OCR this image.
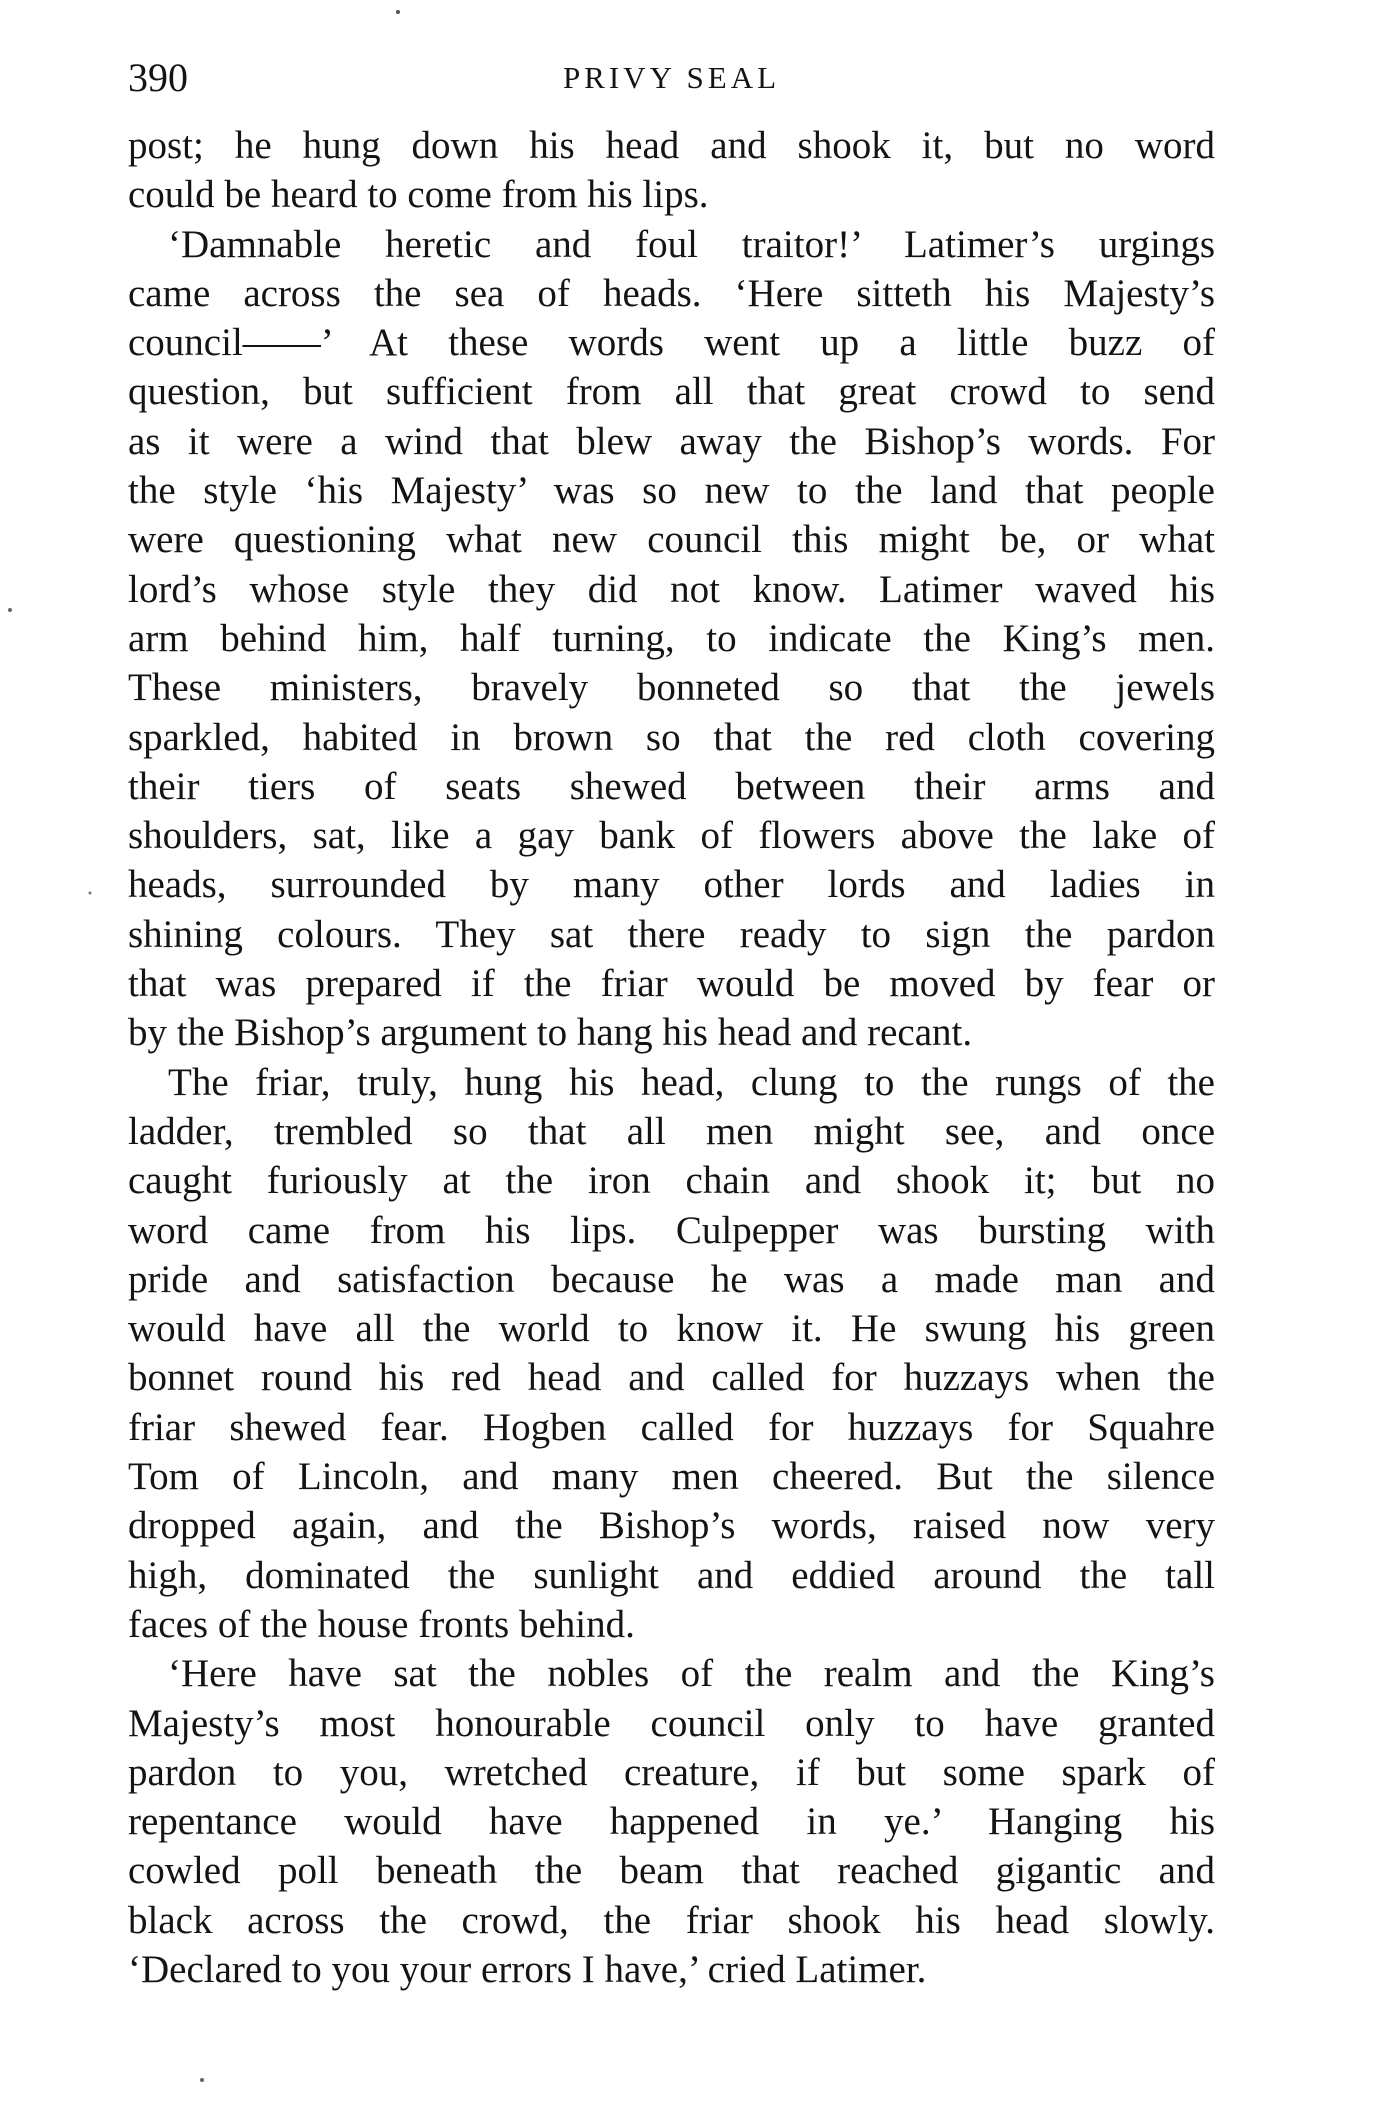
390	PRIVY SEAL

post; he hung down his head and shook it, but no word
could be heard to come from his lips.

‘Damnable heretic and foul traitor!’ Latimer’s urgings
came across the sea of heads. ‘Here sitteth his Majesty’s
council——’ At these words went up a little buzz of
question, but sufficient from all that great crowd to send
as it were a wind that blew away the Bishop’s words. For
the style ‘his Majesty’ was so new to the land that people
were questioning what new council this might be, or what
lord’s whose style they did not know. Latimer waved his
arm behind him, half turning, to indicate the King’s men.
These ministers, bravely bonneted so that the jewels
sparkled, habited in brown so that the red cloth covering
their tiers of seats shewed between their arms and
shoulders, sat, like a gay bank of flowers above the lake of
heads, surrounded by many other lords and ladies in
shining colours. They sat there ready to sign the pardon
that was prepared if the friar would be moved by fear or
by the Bishop’s argument to hang his head and recant.

The friar, truly, hung his head, clung to the rungs of the
ladder, trembled so that all men might see, and once
caught furiously at the iron chain and shook it; but no
word came from his lips. Culpepper was bursting with
pride and satisfaction because he was a made man and
would have all the world to know it. He swung his green
bonnet round his red head and called for huzzays when the
friar shewed fear. Hogben called for huzzays for Squahre
Tom of Lincoln, and many men cheered. But the silence
dropped again, and the Bishop’s words, raised now very
high, dominated the sunlight and eddied around the tall
faces of the house fronts behind.

‘Here have sat the nobles of the realm and the King’s
Majesty’s most honourable council only to have granted
pardon to you, wretched creature, if but some spark of
repentance would have happened in ye.’ Hanging his
cowled poll beneath the beam that reached gigantic and
black across the crowd, the friar shook his head slowly.
‘Declared to you your errors I have,’ cried Latimer.
